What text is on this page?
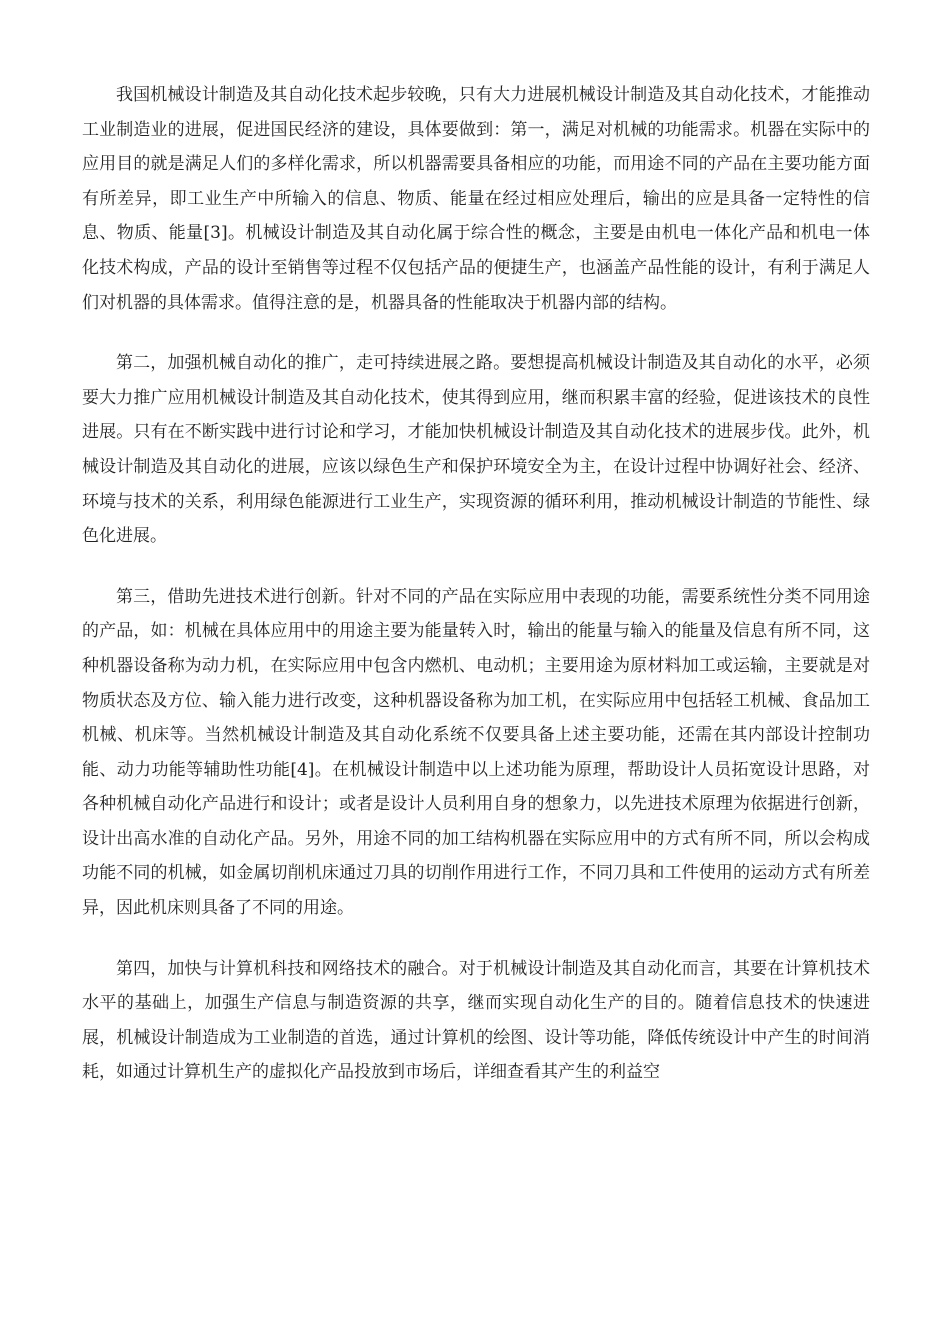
我国机械设计制造及其自动化技术起步较晚，只有大力进展机械设计制造及其自动化技术，才能推动工业制造业的进展，促进国民经济的建设，具体要做到：第一，满足对机械的功能需求。机器在实际中的应用目的就是满足人们的多样化需求，所以机器需要具备相应的功能，而用途不同的产品在主要功能方面有所差异，即工业生产中所输入的信息、物质、能量在经过相应处理后，输出的应是具备一定特性的信息、物质、能量[3]。机械设计制造及其自动化属于综合性的概念，主要是由机电一体化产品和机电一体化技术构成，产品的设计至销售等过程不仅包括产品的便捷生产，也涵盖产品性能的设计，有利于满足人们对机器的具体需求。值得注意的是，机器具备的性能取决于机器内部的结构。

第二，加强机械自动化的推广，走可持续进展之路。要想提高机械设计制造及其自动化的水平，必须要大力推广应用机械设计制造及其自动化技术，使其得到应用，继而积累丰富的经验，促进该技术的良性进展。只有在不断实践中进行讨论和学习，才能加快机械设计制造及其自动化技术的进展步伐。此外，机械设计制造及其自动化的进展，应该以绿色生产和保护环境安全为主，在设计过程中协调好社会、经济、环境与技术的关系，利用绿色能源进行工业生产，实现资源的循环利用，推动机械设计制造的节能性、绿色化进展。

第三，借助先进技术进行创新。针对不同的产品在实际应用中表现的功能，需要系统性分类不同用途的产品，如：机械在具体应用中的用途主要为能量转入时，输出的能量与输入的能量及信息有所不同，这种机器设备称为动力机，在实际应用中包含内燃机、电动机；主要用途为原材料加工或运输，主要就是对物质状态及方位、输入能力进行改变，这种机器设备称为加工机，在实际应用中包括轻工机械、食品加工机械、机床等。当然机械设计制造及其自动化系统不仅要具备上述主要功能，还需在其内部设计控制功能、动力功能等辅助性功能[4]。在机械设计制造中以上述功能为原理，帮助设计人员拓宽设计思路，对各种机械自动化产品进行和设计；或者是设计人员利用自身的想象力，以先进技术原理为依据进行创新，设计出高水准的自动化产品。另外，用途不同的加工结构机器在实际应用中的方式有所不同，所以会构成功能不同的机械，如金属切削机床通过刀具的切削作用进行工作，不同刀具和工件使用的运动方式有所差异，因此机床则具备了不同的用途。

第四，加快与计算机科技和网络技术的融合。对于机械设计制造及其自动化而言，其要在计算机技术水平的基础上，加强生产信息与制造资源的共享，继而实现自动化生产的目的。随着信息技术的快速进展，机械设计制造成为工业制造的首选，通过计算机的绘图、设计等功能，降低传统设计中产生的时间消耗，如通过计算机生产的虚拟化产品投放到市场后，详细查看其产生的利益空
